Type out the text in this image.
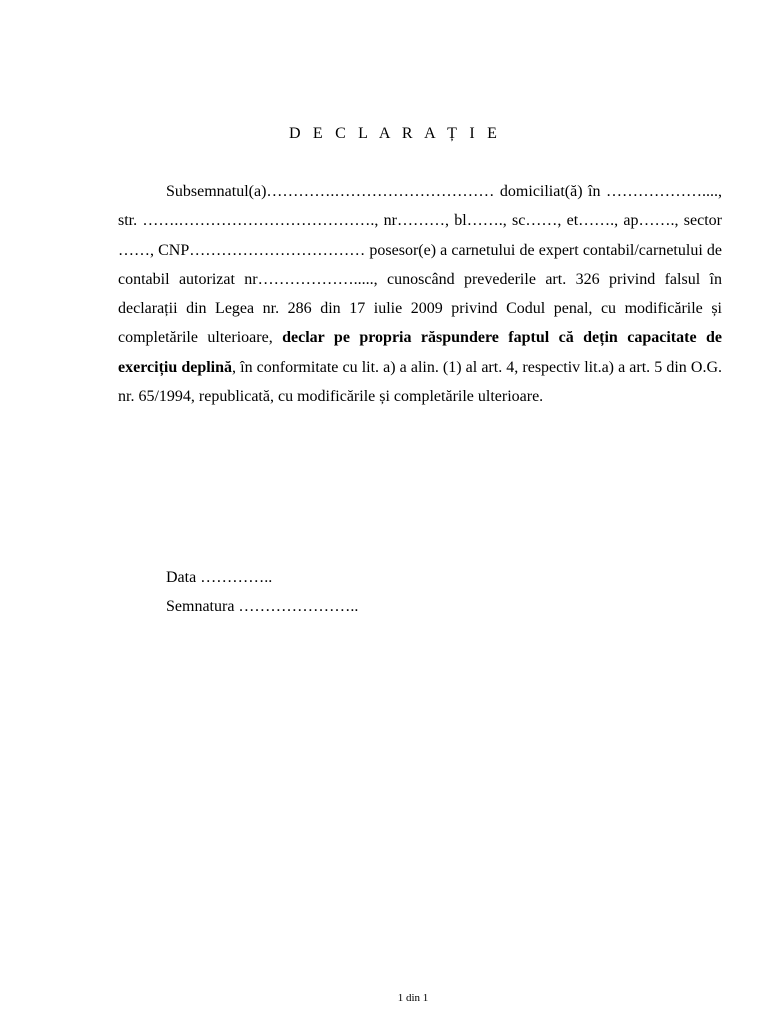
D E C L A R A Ț I E

Subsemnatul(a)………….………………………… domiciliat(ă) în ………………...., str. …….………………………………., nr………, bl……., sc……, et……., ap……., sector ……, CNP…………………………… posesor(e) a carnetului de expert contabil/carnetului de contabil autorizat nr………………....., cunoscând prevederile art. 326 privind falsul în declarații din Legea nr. 286 din 17 iulie 2009 privind Codul penal, cu modificările și completările ulterioare, declar pe propria răspundere faptul că dețin capacitate de exercițiu deplină, în conformitate cu lit. a) a alin. (1) al art. 4, respectiv lit.a) a art. 5 din O.G. nr. 65/1994, republicată, cu modificările și completările ulterioare.

Data …………..
Semnatura …………………..
1 din 1
